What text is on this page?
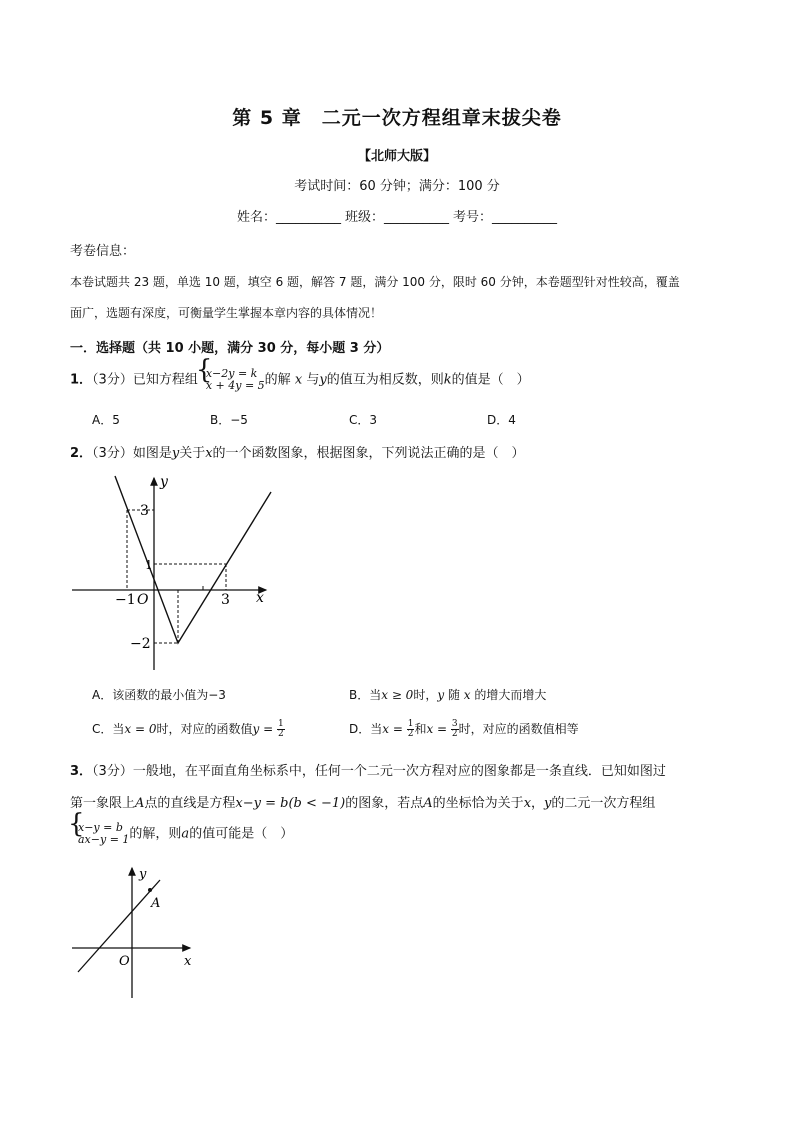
第 5 章　二元一次方程组章末拔尖卷
【北师大版】
考试时间：60 分钟；满分：100 分
姓名：__________ 班级：__________ 考号：__________
考卷信息：
本卷试题共 23 题，单选 10 题，填空 6 题，解答 7 题，满分 100 分，限时 60 分钟，本卷题型针对性较高，覆盖
面广，选题有深度，可衡量学生掌握本章内容的具体情况！
一．选择题（共 10 小题，满分 30 分，每小题 3 分）
1．（3分）已知方程组
{ x−2y = k
x + 4y = 5 的解 x 与y的值互为相反数，则k的值是（　）
A．5	B．−5	C．3	D．4
2．（3分）如图是y关于x的一个函数图象，根据图象，下列说法正确的是（　）
y
x
O
3
−1	3
1
−2
A．该函数的最小值为−3	B．当x ≥ 0时，y 随 x 的增大而增大
C．当x = 0时，对应的函数值$y = \frac{1}{2}$	D．当$x = \frac{1}{2}$ 和$x = \frac{3}{2}$ 时，对应的函数值相等
3．（3分）一般地，在平面直角坐标系中，任何一个二元一次方程对应的图象都是一条直线．已知如图过
第一象限上A点的直线是方程x−y = b(b < −1)的图象，若点A的坐标恰为关于x，y的二元一次方程组
{ x−y = b
ax−y = 1 的解，则a的值可能是（　）
y
x
O
A
